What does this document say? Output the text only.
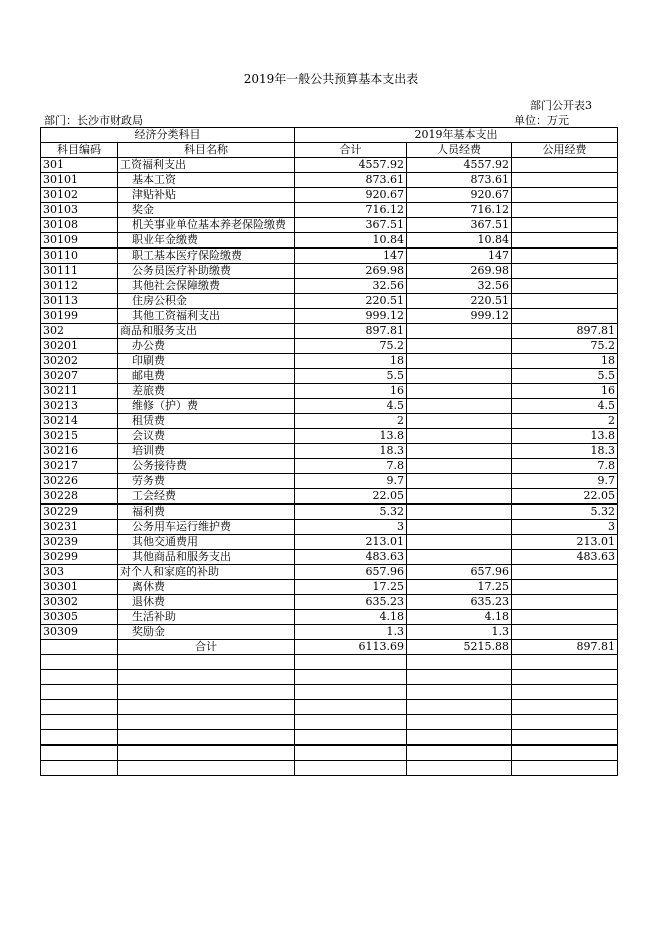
2019年一般公共预算基本支出表
部门公开表3
部门：长沙市财政局	单位：万元
经济分类科目		2019年基本支出		
科目编码	科目名称	合计	人员经费	公用经费
301	工资福利支出	4557.92	4557.92	
30101	基本工资	873.61	873.61	
30102	津贴补贴	920.67	920.67	
30103	奖金	716.12	716.12	
30108	机关事业单位基本养老保险缴费	367.51	367.51	
30109	职业年金缴费	10.84	10.84	
30110	职工基本医疗保险缴费	147	147	
30111	公务员医疗补助缴费	269.98	269.98	
30112	其他社会保障缴费	32.56	32.56	
30113	住房公积金	220.51	220.51	
30199	其他工资福利支出	999.12	999.12	
302	商品和服务支出	897.81		897.81
30201	办公费	75.2		75.2
30202	印刷费	18		18
30207	邮电费	5.5		5.5
30211	差旅费	16		16
30213	维修（护）费	4.5		4.5
30214	租赁费	2		2
30215	会议费	13.8		13.8
30216	培训费	18.3		18.3
30217	公务接待费	7.8		7.8
30226	劳务费	9.7		9.7
30228	工会经费	22.05		22.05
30229	福利费	5.32		5.32
30231	公务用车运行维护费	3		3
30239	其他交通费用	213.01		213.01
30299	其他商品和服务支出	483.63		483.63
303	对个人和家庭的补助	657.96	657.96	
30301	离休费	17.25	17.25	
30302	退休费	635.23	635.23	
30305	生活补助	4.18	4.18	
30309	奖励金	1.3	1.3	
	合计	6113.69	5215.88	897.81
